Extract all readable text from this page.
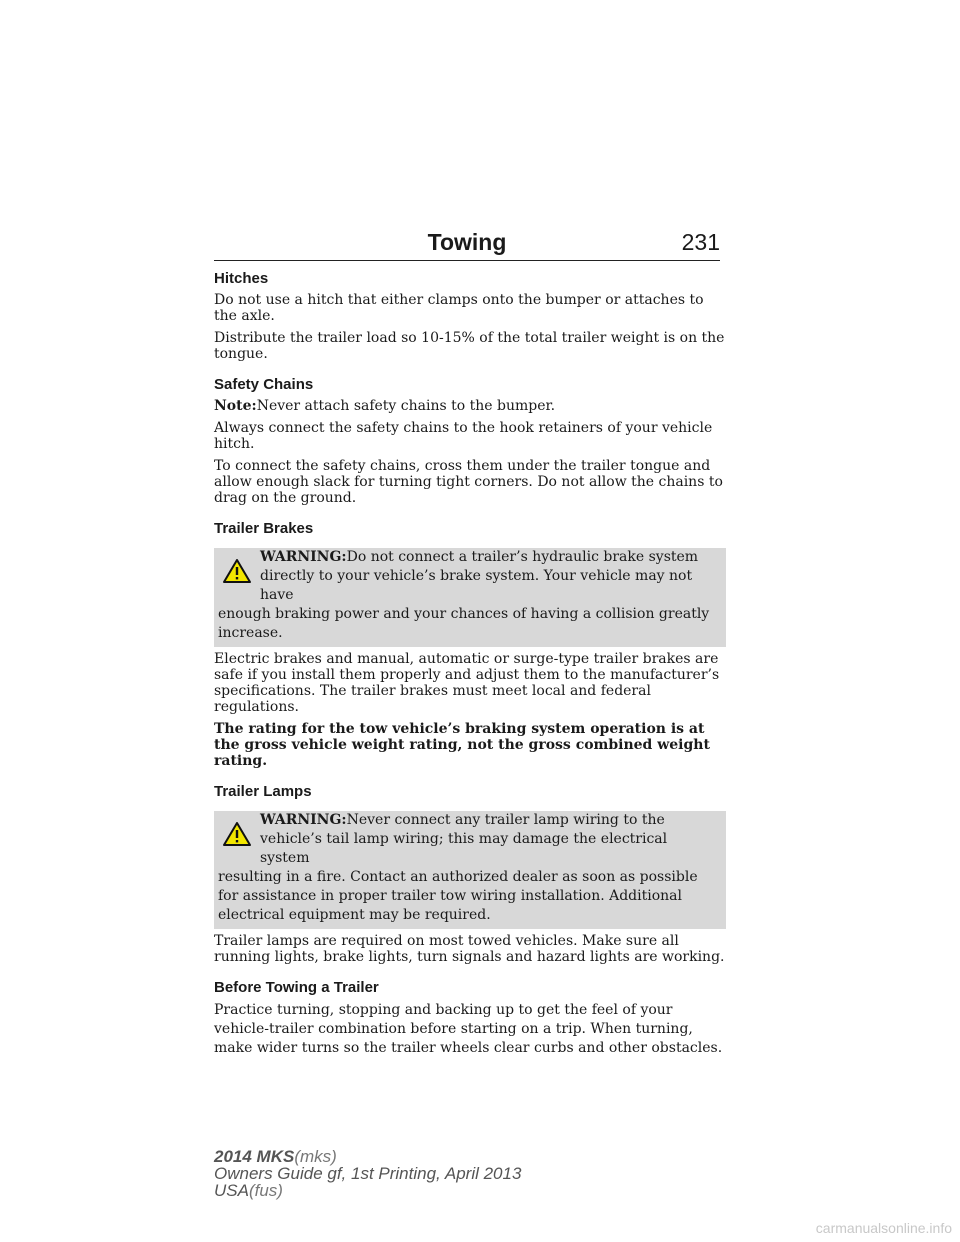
Towing	231
Hitches
Do not use a hitch that either clamps onto the bumper or attaches to the axle.
Distribute the trailer load so 10-15% of the total trailer weight is on the tongue.
Safety Chains
Note:Never attach safety chains to the bumper.
Always connect the safety chains to the hook retainers of your vehicle hitch.
To connect the safety chains, cross them under the trailer tongue and allow enough slack for turning tight corners. Do not allow the chains to drag on the ground.
Trailer Brakes
WARNING:Do not connect a trailer’s hydraulic brake system
directly to your vehicle’s brake system. Your vehicle may not have
enough braking power and your chances of having a collision greatly increase.
Electric brakes and manual, automatic or surge-type trailer brakes are safe if you install them properly and adjust them to the manufacturer’s specifications. The trailer brakes must meet local and federal regulations.
The rating for the tow vehicle’s braking system operation is at the gross vehicle weight rating, not the gross combined weight rating.
Trailer Lamps
WARNING:Never connect any trailer lamp wiring to the
vehicle’s tail lamp wiring; this may damage the electrical system
resulting in a fire. Contact an authorized dealer as soon as possible for assistance in proper trailer tow wiring installation. Additional electrical equipment may be required.
Trailer lamps are required on most towed vehicles. Make sure all running lights, brake lights, turn signals and hazard lights are working.
Before Towing a Trailer
Practice turning, stopping and backing up to get the feel of your vehicle-trailer combination before starting on a trip. When turning, make wider turns so the trailer wheels clear curbs and other obstacles.
2014 MKS(mks)
Owners Guide gf, 1st Printing, April 2013
USA(fus)
carmanualsonline.info
